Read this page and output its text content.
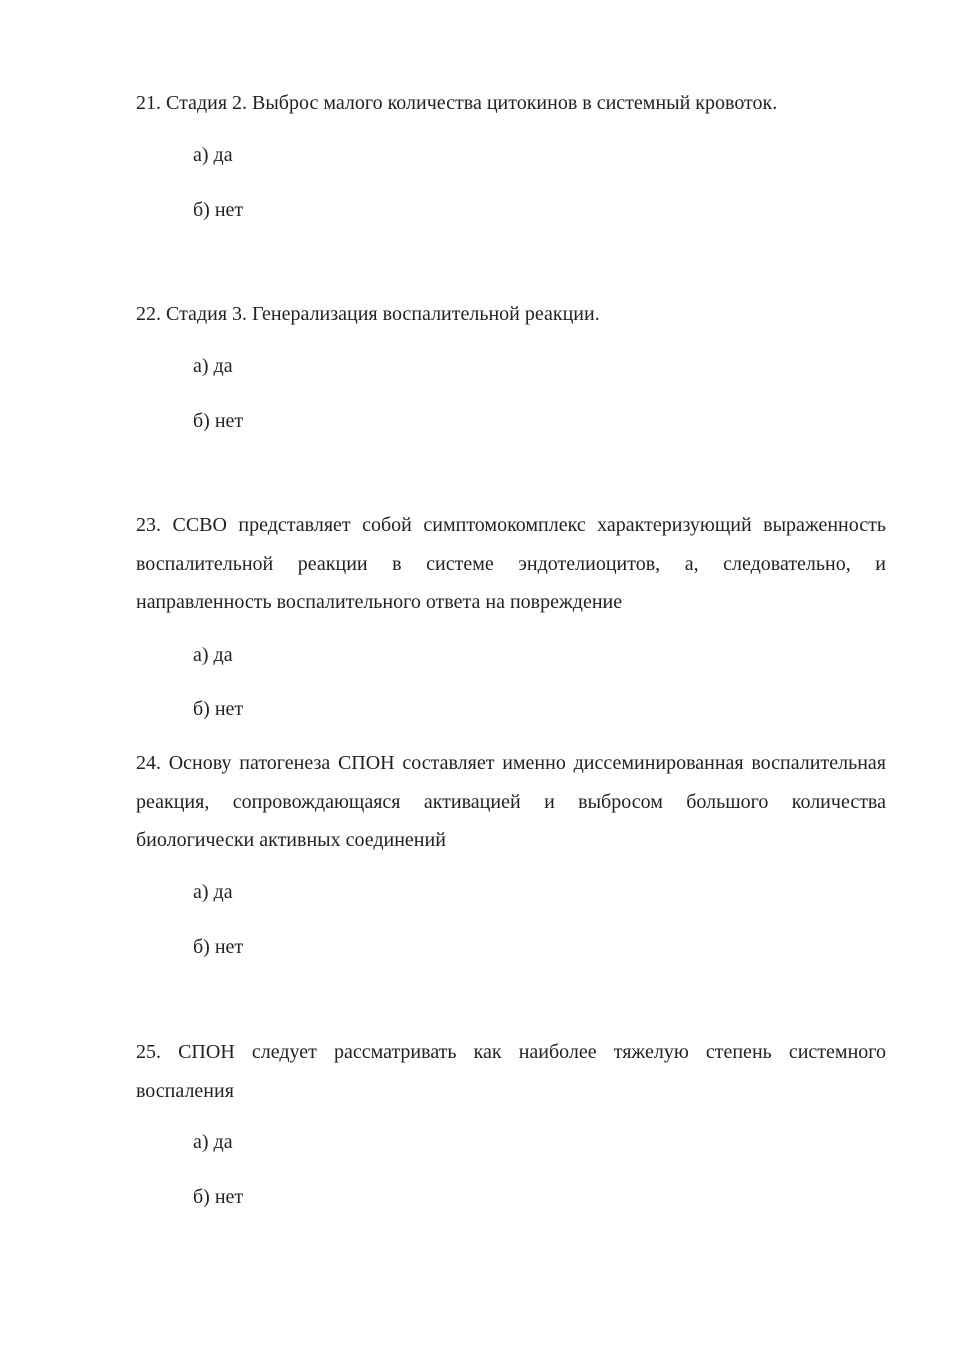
21. Стадия 2. Выброс малого количества цитокинов в системный кровоток.
а) да
б) нет
22. Стадия 3. Генерализация воспалительной реакции.
а) да
б) нет
23. ССВО представляет собой симптомокомплекс характеризующий выраженность воспалительной реакции в системе эндотелиоцитов, а, следовательно, и направленность воспалительного ответа на повреждение
а) да
б) нет
24. Основу патогенеза СПОН составляет именно диссеминированная воспалительная реакция, сопровождающаяся активацией и выбросом большого количества биологически активных соединений
а) да
б) нет
25. СПОН следует рассматривать как наиболее тяжелую степень системного воспаления
а) да
б) нет
